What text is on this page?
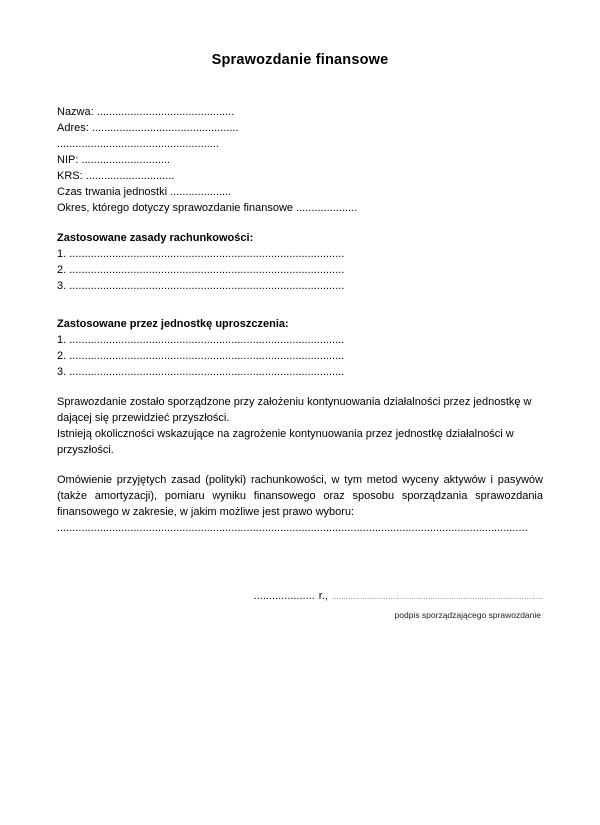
Sprawozdanie finansowe
Nazwa: .............................................
Adres: ................................................
.....................................................
NIP: .............................
KRS: .............................
Czas trwania jednostki ....................
Okres, którego dotyczy sprawozdanie finansowe ....................
Zastosowane zasady rachunkowości:
1. ..........................................................................................
2. ..........................................................................................
3. ..........................................................................................
Zastosowane przez jednostkę uproszczenia:
1. ..........................................................................................
2. ..........................................................................................
3. ..........................................................................................
Sprawozdanie zostało sporządzone przy założeniu kontynuowania działalności przez jednostkę w dającej się przewidzieć przyszłości.
Istnieją okoliczności wskazujące na zagrożenie kontynuowania przez jednostkę działalności w przyszłości.
Omówienie przyjętych zasad (polityki) rachunkowości, w tym metod wyceny aktywów i pasywów (także amortyzacji), pomiaru wyniku finansowego oraz sposobu sporządzania sprawozdania finansowego w zakresie, w jakim możliwe jest prawo wyboru:
..........................................................................................................................................................
.................... r., ..........................................................................................
podpis sporządzającego sprawozdanie
